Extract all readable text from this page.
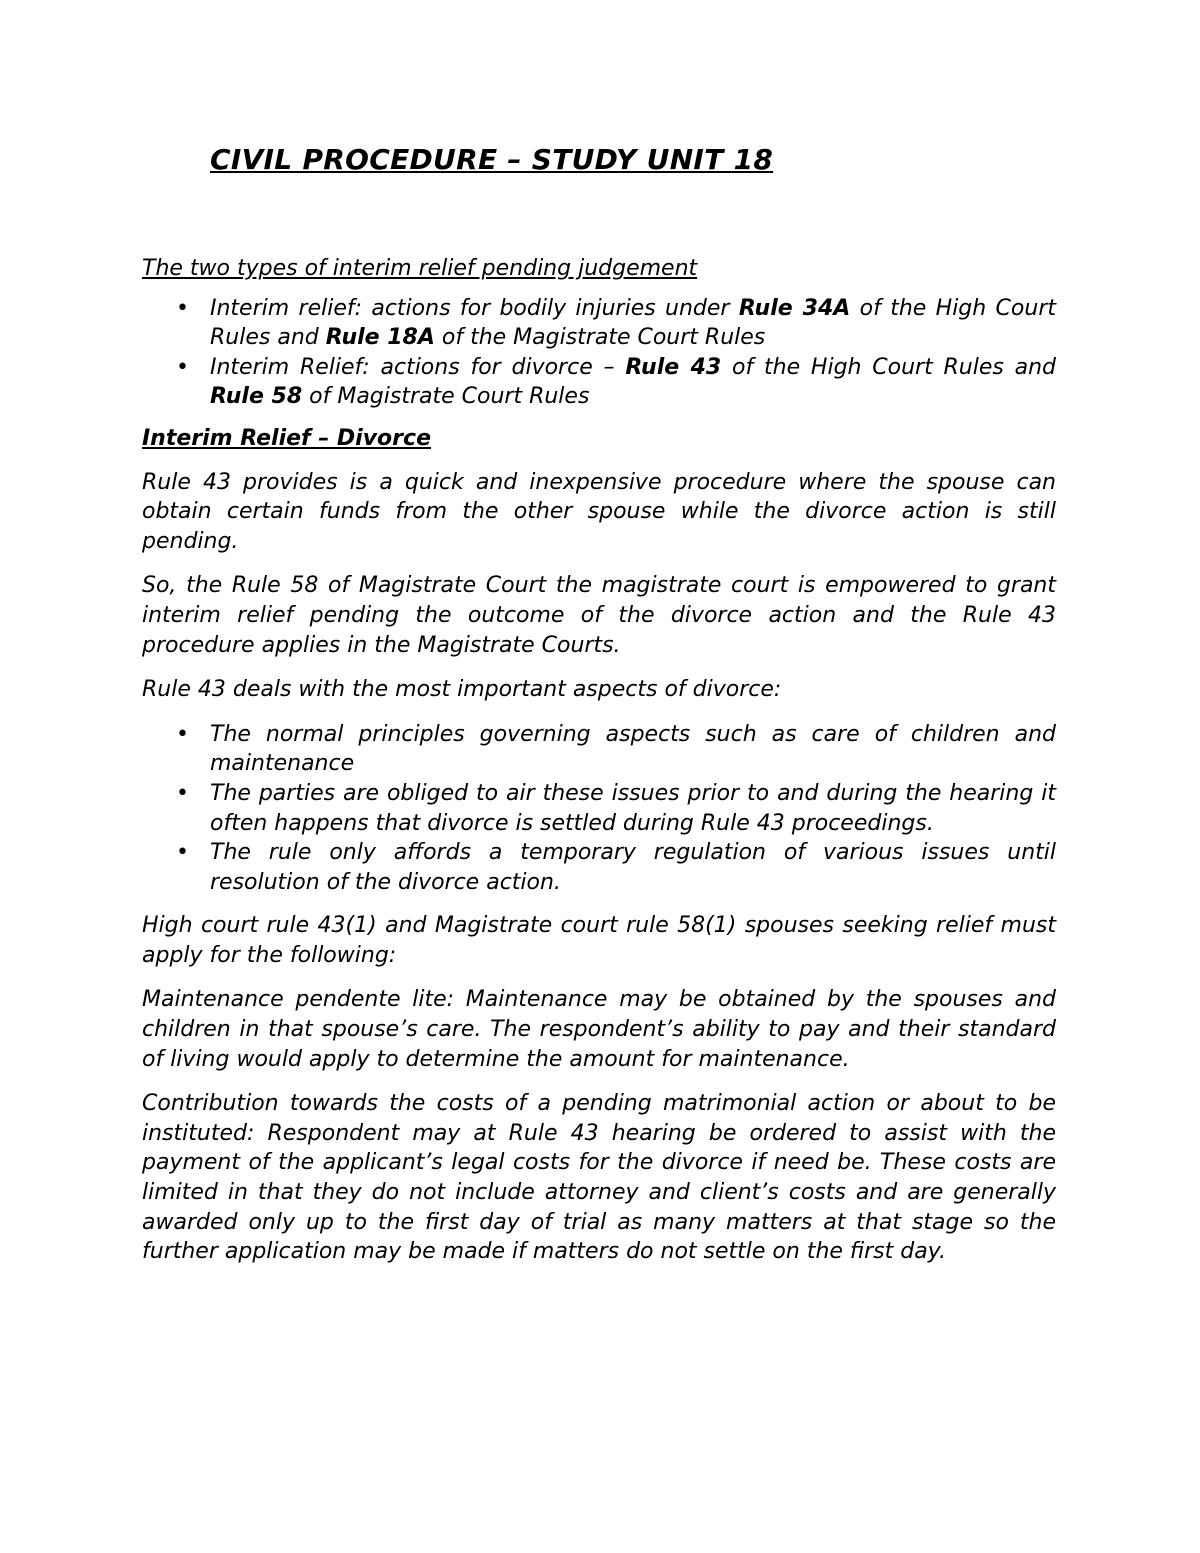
CIVIL PROCEDURE – STUDY UNIT 18
The two types of interim relief pending judgement
• Interim relief: actions for bodily injuries under Rule 34A of the High Court Rules and Rule 18A of the Magistrate Court Rules
• Interim Relief: actions for divorce – Rule 43 of the High Court Rules and Rule 58 of Magistrate Court Rules
Interim Relief – Divorce

Rule 43 provides is a quick and inexpensive procedure where the spouse can obtain certain funds from the other spouse while the divorce action is still pending.

So, the Rule 58 of Magistrate Court the magistrate court is empowered to grant interim relief pending the outcome of the divorce action and the Rule 43 procedure applies in the Magistrate Courts.

Rule 43 deals with the most important aspects of divorce:

• The normal principles governing aspects such as care of children and maintenance
• The parties are obliged to air these issues prior to and during the hearing it often happens that divorce is settled during Rule 43 proceedings.
• The rule only affords a temporary regulation of various issues until resolution of the divorce action.

High court rule 43(1) and Magistrate court rule 58(1) spouses seeking relief must apply for the following:

Maintenance pendente lite: Maintenance may be obtained by the spouses and children in that spouse’s care. The respondent’s ability to pay and their standard of living would apply to determine the amount for maintenance.

Contribution towards the costs of a pending matrimonial action or about to be instituted: Respondent may at Rule 43 hearing be ordered to assist with the payment of the applicant’s legal costs for the divorce if need be. These costs are limited in that they do not include attorney and client’s costs and are generally awarded only up to the first day of trial as many matters at that stage so the further application may be made if matters do not settle on the first day.
